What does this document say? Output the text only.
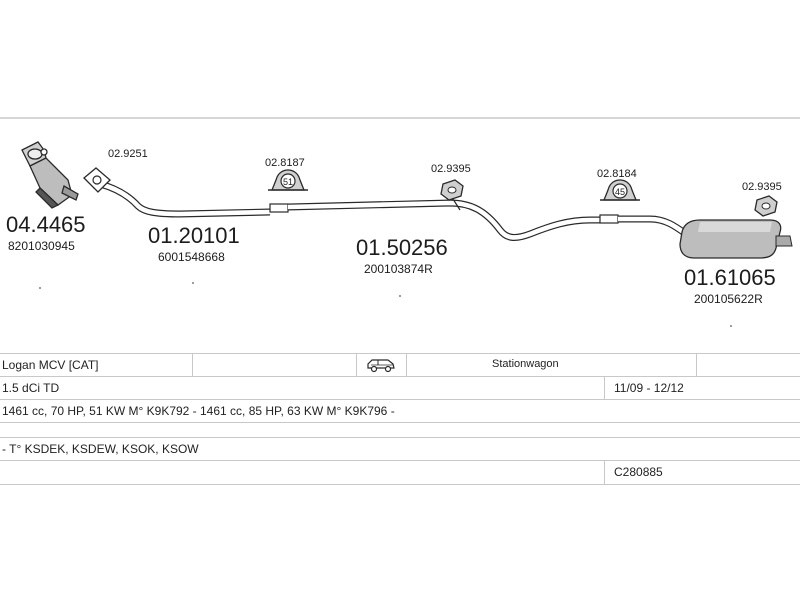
51
45
02.9251
02.8187	02.9395	02.8184
02.9395
04.4465
8201030945	01.20101
6001548668	01.50256
200103874R	01.61065
200105622R
Logan MCV [CAT]	Stationwagon
1.5 dCi TD	11/09 - 12/12
1461 cc, 70 HP, 51 KW M° K9K792 - 1461 cc, 85 HP, 63 KW M° K9K796 -
- T° KSDEK, KSDEW, KSOK, KSOW
C280885
